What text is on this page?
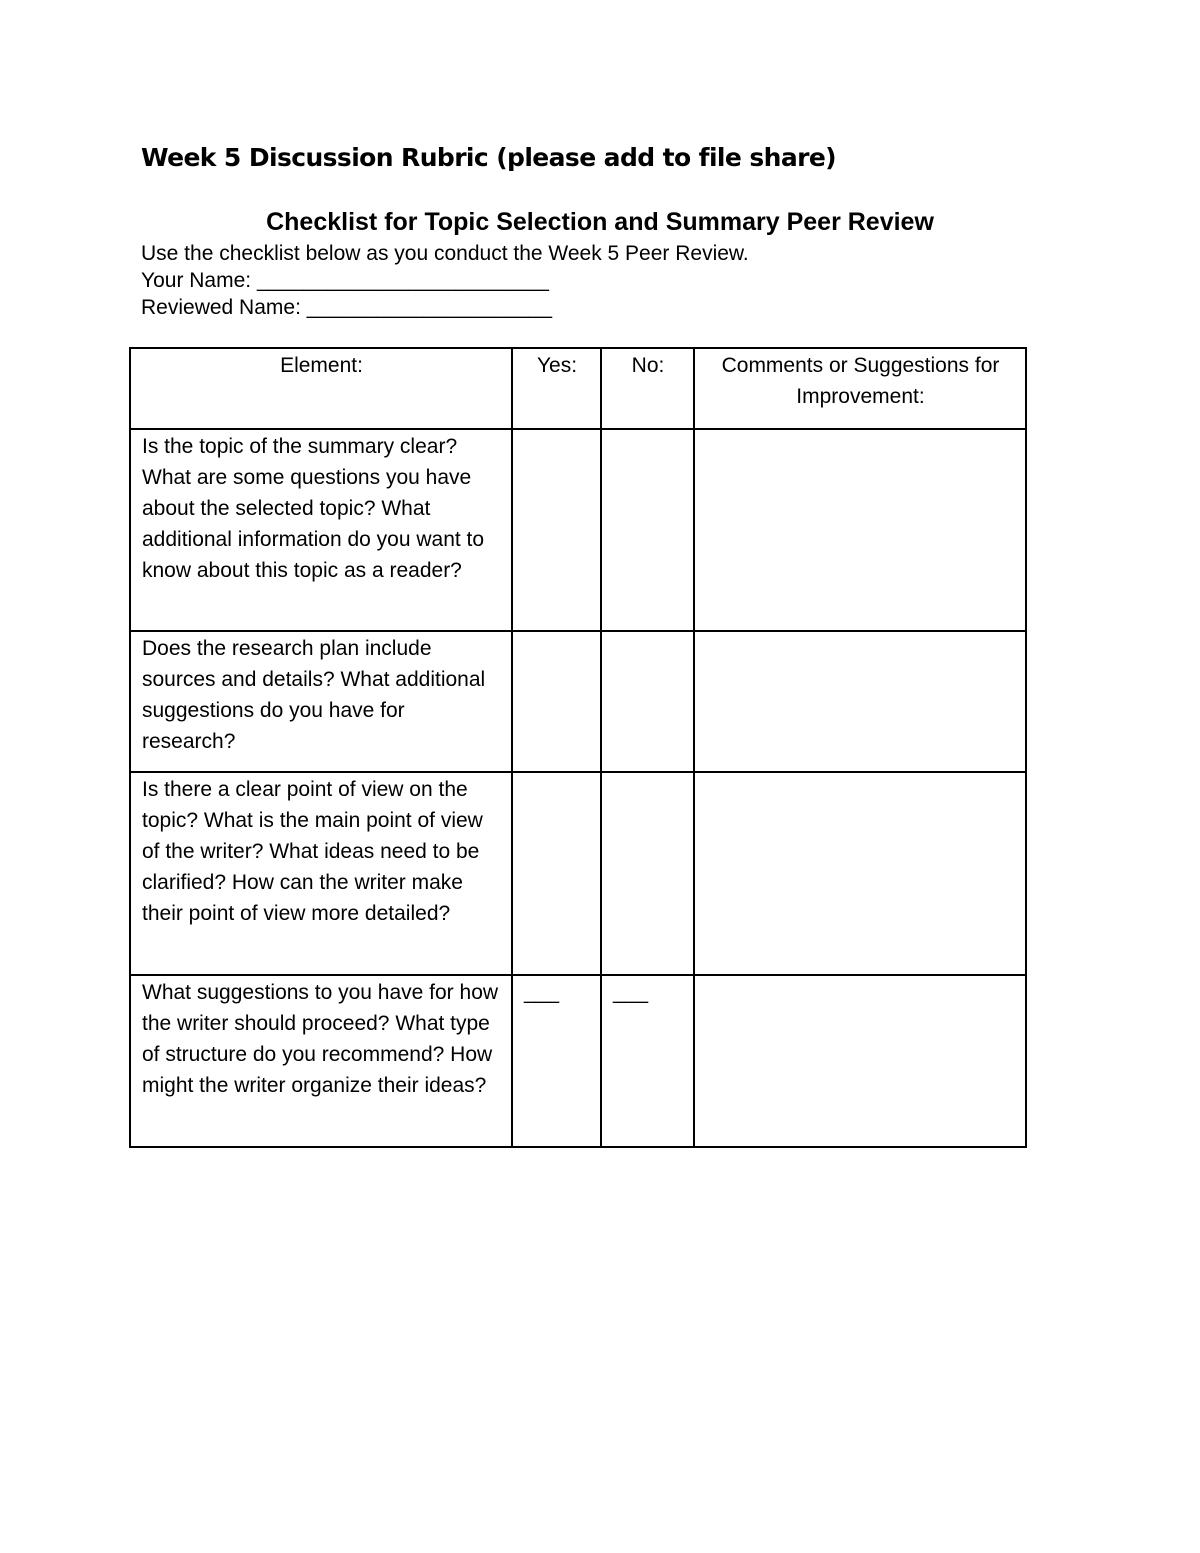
Week 5 Discussion Rubric (please add to file share)
Checklist for Topic Selection and Summary Peer Review
Use the checklist below as you conduct the Week 5 Peer Review.
Your Name: _________________________
Reviewed Name: _____________________
Element:	Yes:	No:	Comments or Suggestions for Improvement:
Is the topic of the summary clear? What are some questions you have about the selected topic? What additional information do you want to know about this topic as a reader?			
Does the research plan include sources and details? What additional suggestions do you have for research?			
Is there a clear point of view on the topic? What is the main point of view of the writer? What ideas need to be clarified? How can the writer make their point of view more detailed?			
What suggestions to you have for how the writer should proceed? What type of structure do you recommend? How might the writer organize their ideas?	___	___	
